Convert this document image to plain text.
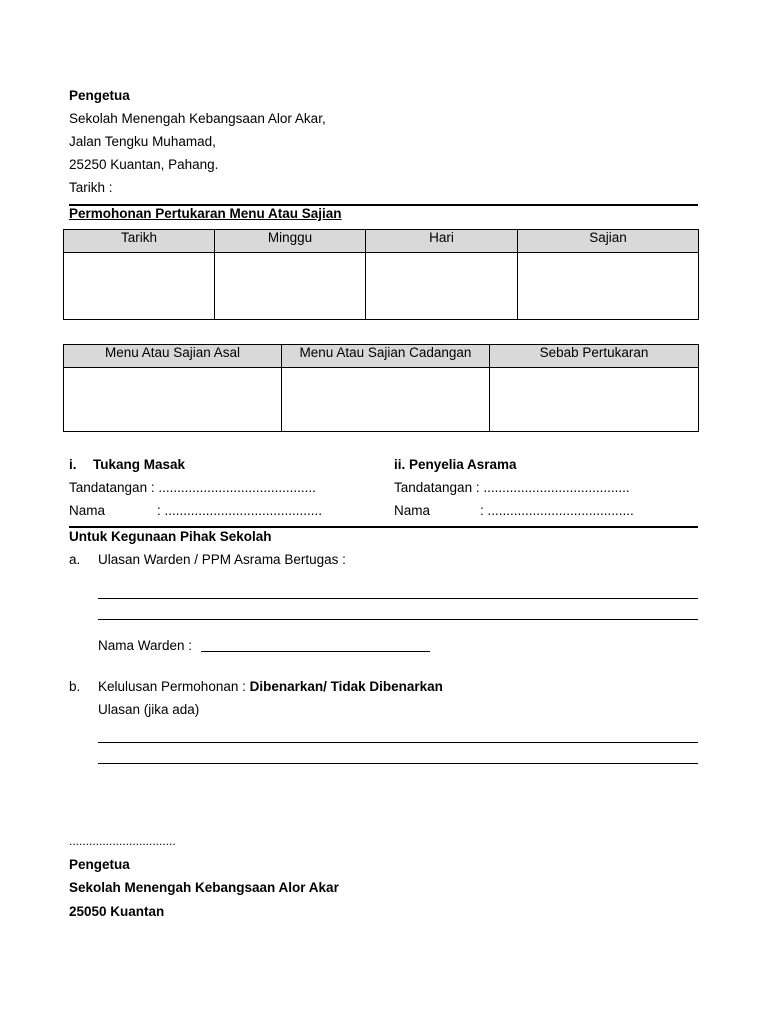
Pengetua
Sekolah Menengah Kebangsaan Alor Akar,
Jalan Tengku Muhamad,
25250 Kuantan, Pahang.
Tarikh :
Permohonan Pertukaran Menu Atau Sajian
Tarikh	Minggu	Hari	Sajian

Menu Atau Sajian Asal	Menu Atau Sajian Cadangan	Sebab Pertukaran

i. Tukang Masak
Tandatangan : ..........................................
Nama	: ..........................................
ii. Penyelia Asrama
Tandatangan : .......................................
Nama	: .......................................
Untuk Kegunaan Pihak Sekolah
a. Ulasan Warden / PPM Asrama Bertugas :
Nama Warden :
b. Kelulusan Permohonan : Dibenarkan/ Tidak Dibenarkan
Ulasan (jika ada)
................................
Pengetua
Sekolah Menengah Kebangsaan Alor Akar
25050 Kuantan
